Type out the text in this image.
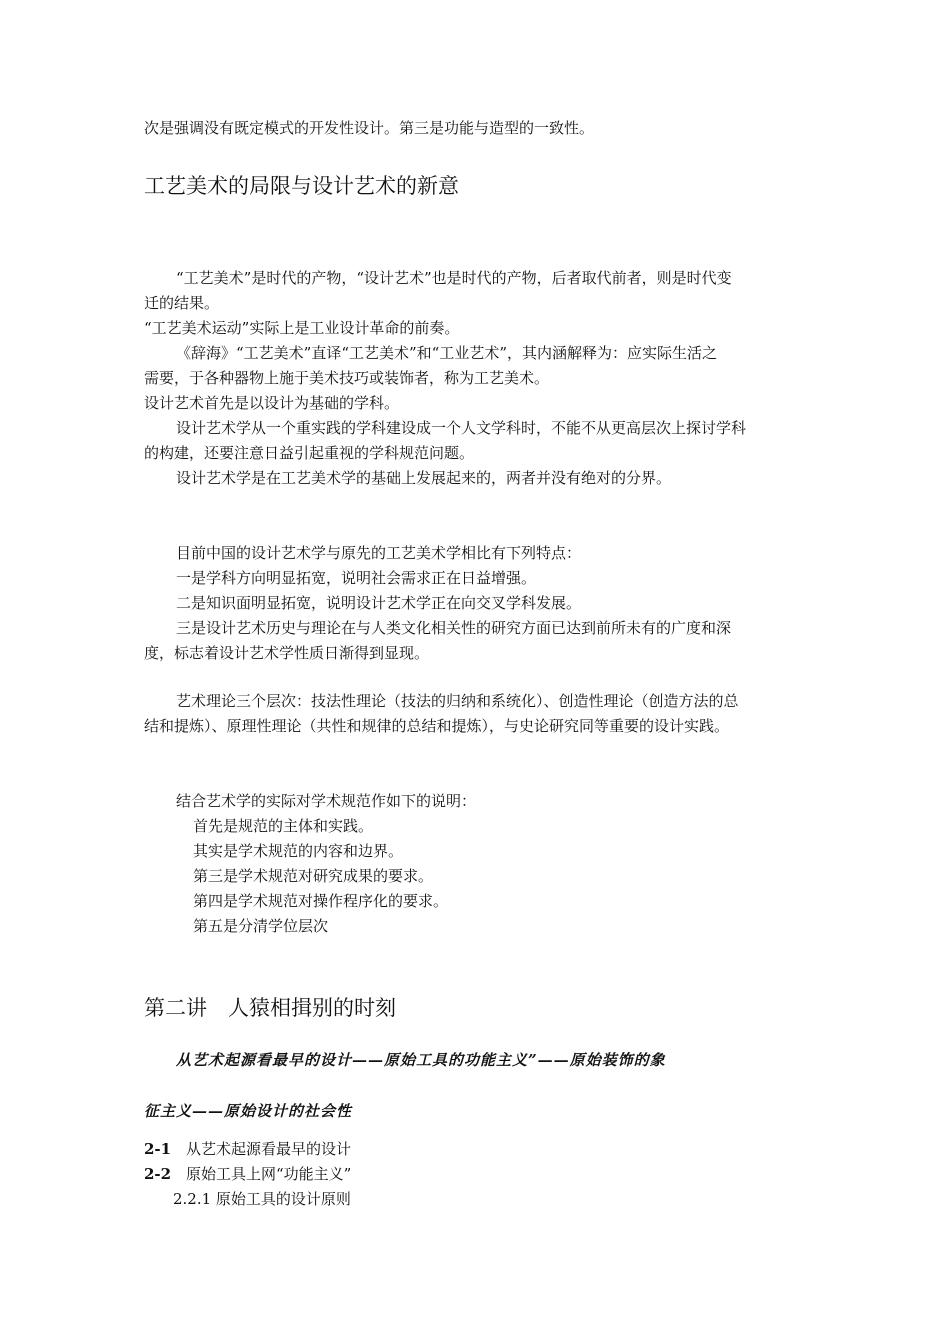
次是强调没有既定模式的开发性设计。第三是功能与造型的一致性。
工艺美术的局限与设计艺术的新意
“工艺美术”是时代的产物，“设计艺术”也是时代的产物，后者取代前者，则是时代变
迁的结果。
“工艺美术运动”实际上是工业设计革命的前奏。
《辞海》“工艺美术”直译“工艺美术”和“工业艺术”，其内涵解释为：应实际生活之
需要，于各种器物上施于美术技巧或装饰者，称为工艺美术。
设计艺术首先是以设计为基础的学科。
设计艺术学从一个重实践的学科建设成一个人文学科时，不能不从更高层次上探讨学科
的构建，还要注意日益引起重视的学科规范问题。
设计艺术学是在工艺美术学的基础上发展起来的，两者并没有绝对的分界。
目前中国的设计艺术学与原先的工艺美术学相比有下列特点：
一是学科方向明显拓宽，说明社会需求正在日益增强。
二是知识面明显拓宽，说明设计艺术学正在向交叉学科发展。
三是设计艺术历史与理论在与人类文化相关性的研究方面已达到前所未有的广度和深
度，标志着设计艺术学性质日渐得到显现。
艺术理论三个层次：技法性理论（技法的归纳和系统化）、创造性理论（创造方法的总
结和提炼）、原理性理论（共性和规律的总结和提炼），与史论研究同等重要的设计实践。
结合艺术学的实际对学术规范作如下的说明：
首先是规范的主体和实践。
其实是学术规范的内容和边界。
第三是学术规范对研究成果的要求。
第四是学术规范对操作程序化的要求。
第五是分清学位层次
第二讲　人猿相揖别的时刻
从艺术起源看最早的设计——原始工具的功能主义”——原始装饰的象
征主义——原始设计的社会性
2-1 从艺术起源看最早的设计
2-2 原始工具上网“功能主义”
2.2.1 原始工具的设计原则
